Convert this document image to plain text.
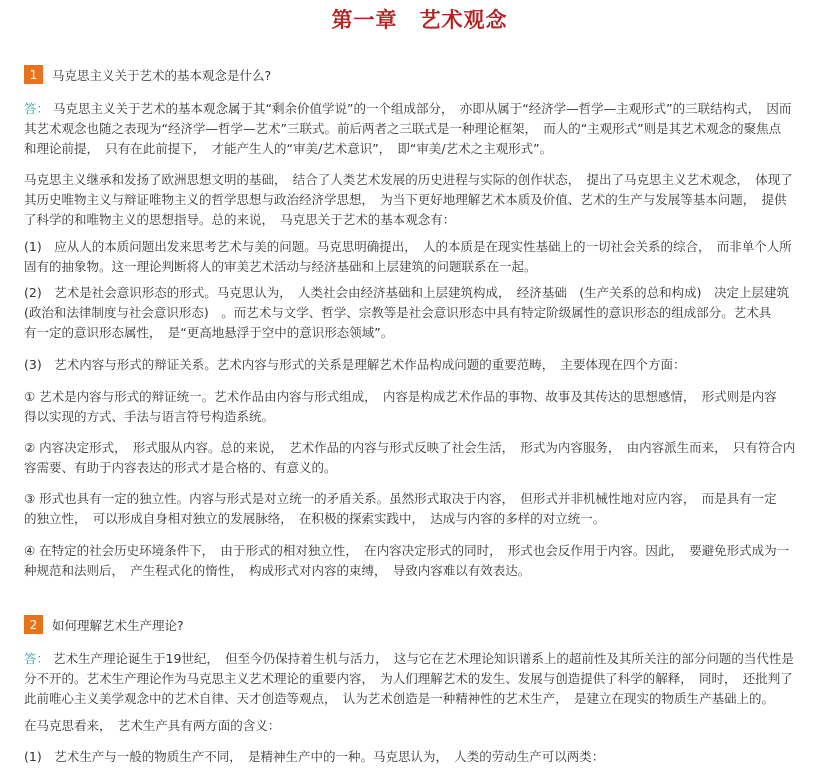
第一章　艺术观念
1	马克思主义关于艺术的基本观念是什么?

答： 马克思主义关于艺术的基本观念属于其“剩余价值学说”的一个组成部分，　亦即从属于“经济学—哲学—主观形式”的三联结构式，　因而
其艺术观念也随之表现为“经济学—哲学—艺术”三联式。前后两者之三联式是一种理论框架，　而人的“主观形式”则是其艺术观念的聚焦点
和理论前提，　只有在此前提下，　才能产生人的“审美/艺术意识”，　即“审美/艺术之主观形式”。

马克思主义继承和发扬了欧洲思想文明的基础，　结合了人类艺术发展的历史进程与实际的创作状态，　提出了马克思主义艺术观念，　体现了
其历史唯物主义与辩证唯物主义的哲学思想与政治经济学思想，　为当下更好地理解艺术本质及价值、艺术的生产与发展等基本问题，　提供
了科学的和唯物主义的思想指导。总的来说，　马克思关于艺术的基本观念有：

(1)　应从人的本质问题出发来思考艺术与美的问题。马克思明确提出，　人的本质是在现实性基础上的一切社会关系的综合，　而非单个人所
固有的抽象物。这一理论判断将人的审美艺术活动与经济基础和上层建筑的问题联系在一起。

(2)　艺术是社会意识形态的形式。马克思认为，　人类社会由经济基础和上层建筑构成，　经济基础　(生产关系的总和构成)　决定上层建筑
(政治和法律制度与社会意识形态)　。而艺术与文学、哲学、宗教等是社会意识形态中具有特定阶级属性的意识形态的组成部分。艺术具
有一定的意识形态属性，　是“更高地悬浮于空中的意识形态领域”。

(3)　艺术内容与形式的辩证关系。艺术内容与形式的关系是理解艺术作品构成问题的重要范畴，　主要体现在四个方面：

① 艺术是内容与形式的辩证统一。艺术作品由内容与形式组成，　内容是构成艺术作品的事物、故事及其传达的思想感情，　形式则是内容
得以实现的方式、手法与语言符号构造系统。

② 内容决定形式，　形式服从内容。总的来说，　艺术作品的内容与形式反映了社会生活，　形式为内容服务，　由内容派生而来，　只有符合内
容需要、有助于内容表达的形式才是合格的、有意义的。

③ 形式也具有一定的独立性。内容与形式是对立统一的矛盾关系。虽然形式取决于内容，　但形式并非机械性地对应内容，　而是具有一定
的独立性，　可以形成自身相对独立的发展脉络，　在积极的探索实践中，　达成与内容的多样的对立统一。

④ 在特定的社会历史环境条件下，　由于形式的相对独立性，　在内容决定形式的同时，　形式也会反作用于内容。因此，　要避免形式成为一
种规范和法则后，　产生程式化的惰性，　构成形式对内容的束缚，　导致内容难以有效表达。

2	如何理解艺术生产理论?

答： 艺术生产理论诞生于19世纪，　但至今仍保持着生机与活力，　这与它在艺术理论知识谱系上的超前性及其所关注的部分问题的当代性是
分不开的。艺术生产理论作为马克思主义艺术理论的重要内容，　为人们理解艺术的发生、发展与创造提供了科学的解释，　同时，　还批判了
此前唯心主义美学观念中的艺术自律、天才创造等观点，　认为艺术创造是一种精神性的艺术生产，　是建立在现实的物质生产基础上的。

在马克思看来，　艺术生产具有两方面的含义：

(1)　艺术生产与一般的物质生产不同，　是精神生产中的一种。马克思认为，　人类的劳动生产可以两类：
